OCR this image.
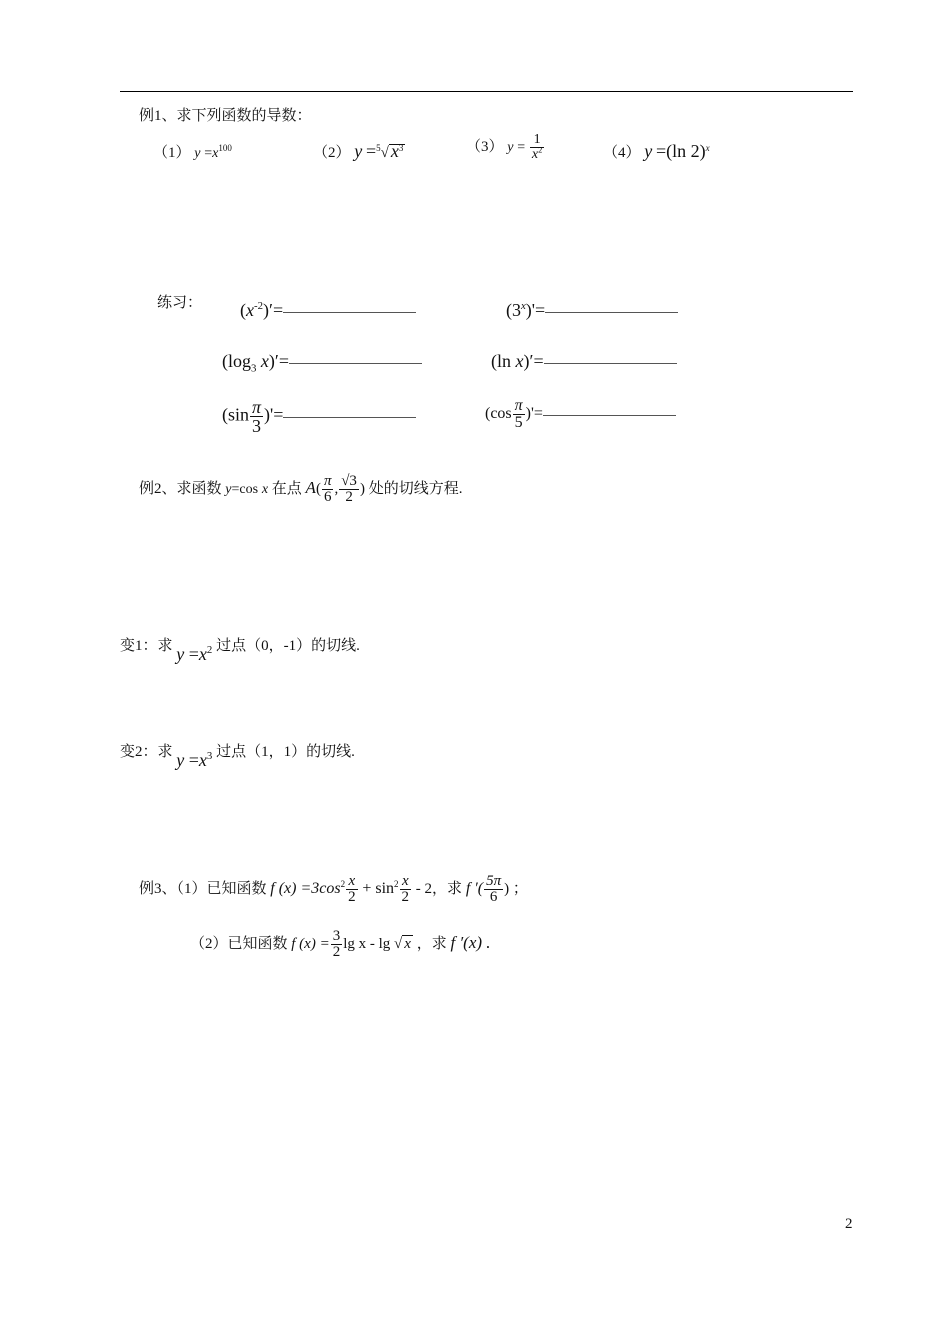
例1、求下列函数的导数：
（1） $y =x^{100}$	（2） y =$^5$√ $x^3$	（3） $y = \frac{1}{x^2}$	（4） y =(ln 2)$^x$
练习： $(x^{-2})'=$	$(3^x)'=$
($\log_3$ x)′=	(ln x)′=
($\sin \frac{\pi}{3}$ )'=	($\cos \frac{\pi}{5}$ )'=
例2、求函数 y=cos x 在点 $A( \frac{\pi}{6}$ , $\frac{√3}{2}$ ) 处的切线方程.
变1：求 $y =x^2$ 过点（0，-1）的切线.
变2：求 $y =x^3$ 过点（1，1）的切线.
例3、（1）已知函数 f $(x) =3\cos^2 \frac{x}{2} + \sin^2 \frac{x}{2} - 2$，求 f ′( $\frac{5\pi}{6}$ ) ；
（2）已知函数 f $(x) = \frac{3}{2}$ lg x - lg √ x ，求 f ′(x) .
2
